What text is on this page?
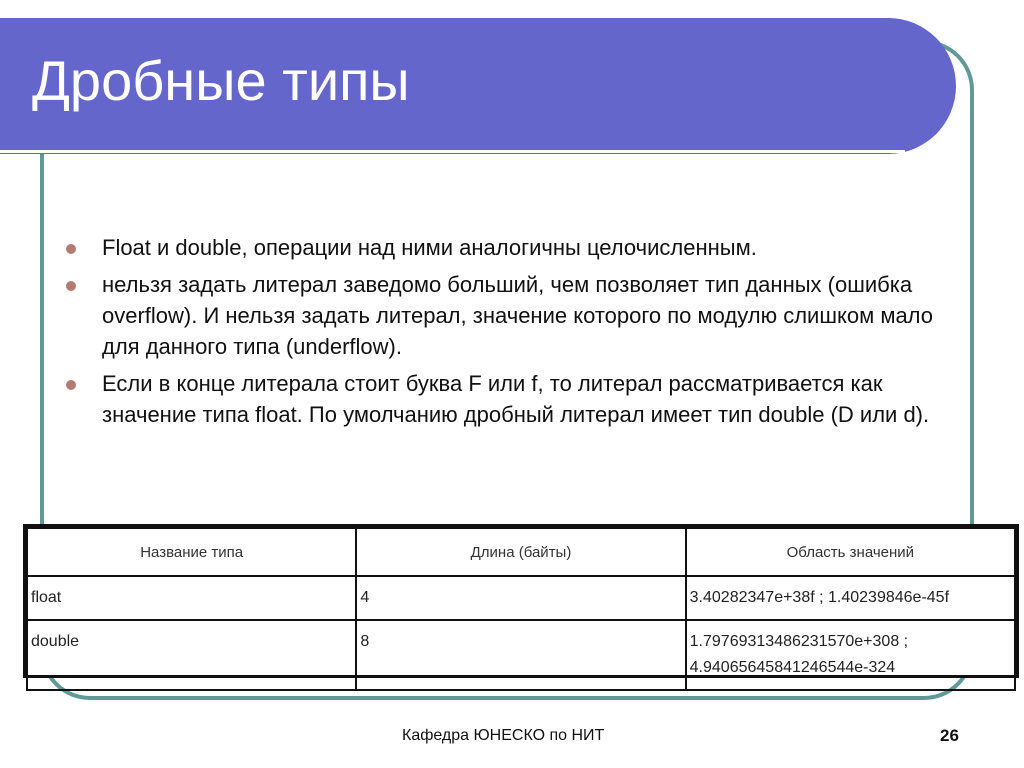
Дробные типы
Float и double, операции над ними аналогичны целочисленным.
нельзя задать литерал заведомо больший, чем позволяет тип данных (ошибка overflow). И нельзя задать литерал, значение которого по модулю слишком мало для данного типа (underflow).
Если в конце литерала стоит буква F или f, то литерал рассматривается как значение типа float. По умолчанию дробный литерал имеет тип double (D или d).
Название типа	Длина (байты)	Область значений
float	4	3.40282347e+38f ; 1.40239846e-45f
double	8	1.79769313486231570e+308 ; 4.94065645841246544e-324
Кафедра ЮНЕСКО по НИТ	26
